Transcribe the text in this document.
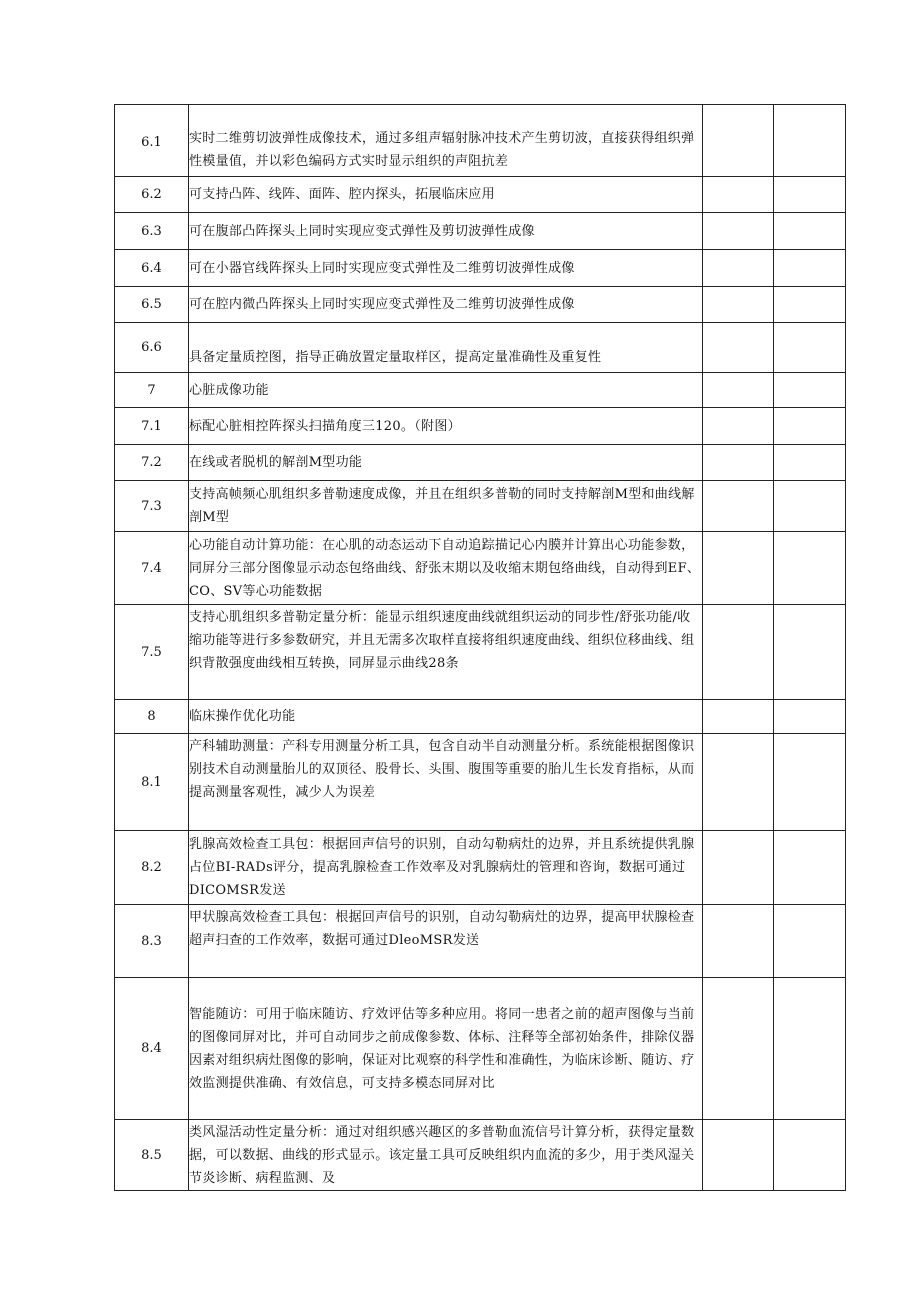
6.1	实时二维剪切波弹性成像技术，通过多组声辐射脉冲技术产生剪切波，直接获得组织弹性模量值，并以彩色编码方式实时显示组织的声阻抗差		
6.2	可支持凸阵、线阵、面阵、腔内探头，拓展临床应用		
6.3	可在腹部凸阵探头上同时实现应变式弹性及剪切波弹性成像		
6.4	可在小器官线阵探头上同时实现应变式弹性及二维剪切波弹性成像		
6.5	可在腔内微凸阵探头上同时实现应变式弹性及二维剪切波弹性成像		
6.6	具备定量质控图，指导正确放置定量取样区，提高定量准确性及重复性		
7	心脏成像功能		
7.1	标配心脏相控阵探头扫描角度三120。（附图）		
7.2	在线或者脱机的解剖M型功能		
7.3	支持高帧频心肌组织多普勒速度成像，并且在组织多普勒的同时支持解剖M型和曲线解剖M型		
7.4	心功能自动计算功能：在心肌的动态运动下自动追踪描记心内膜并计算出心功能参数，同屏分三部分图像显示动态包络曲线、舒张末期以及收缩末期包络曲线，自动得到EF、CO、SV等心功能数据		
7.5	支持心肌组织多普勒定量分析：能显示组织速度曲线就组织运动的同步性/舒张功能/收缩功能等进行多参数研究，并且无需多次取样直接将组织速度曲线、组织位移曲线、组织背散强度曲线相互转换，同屏显示曲线28条		
8	临床操作优化功能		
8.1	产科辅助测量：产科专用测量分析工具，包含自动半自动测量分析。系统能根据图像识别技术自动测量胎儿的双顶径、股骨长、头围、腹围等重要的胎儿生长发育指标，从而提高测量客观性，减少人为误差		
8.2	乳腺高效检查工具包：根据回声信号的识别，自动勾勒病灶的边界，并且系统提供乳腺占位BI-RADs评分，提高乳腺检查工作效率及对乳腺病灶的管理和咨询，数据可通过DICOMSR发送		
8.3	甲状腺高效检查工具包：根据回声信号的识别，自动勾勒病灶的边界，提高甲状腺检查超声扫查的工作效率，数据可通过DleoMSR发送		
8.4	智能随访：可用于临床随访、疗效评估等多种应用。将同一患者之前的超声图像与当前的图像同屏对比，并可自动同步之前成像参数、体标、注释等全部初始条件，排除仪器因素对组织病灶图像的影响，保证对比观察的科学性和准确性，为临床诊断、随访、疗效监测提供准确、有效信息，可支持多模态同屏对比		
8.5	类风湿活动性定量分析：通过对组织感兴趣区的多普勒血流信号计算分析，获得定量数据，可以数据、曲线的形式显示。该定量工具可反映组织内血流的多少，用于类风湿关节炎诊断、病程监测、及		
